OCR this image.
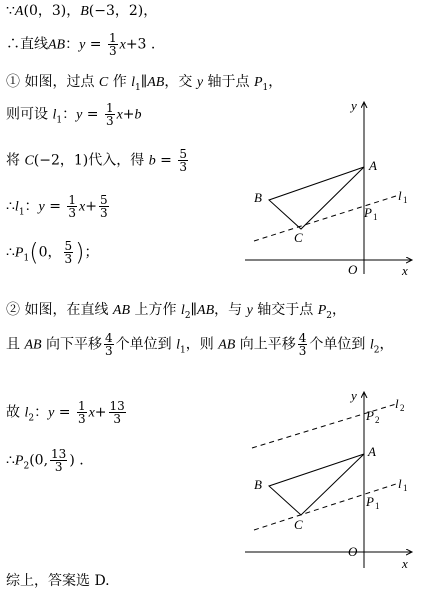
∵A(0，3)，B(−3，2)，
∴直线AB：$y = \frac{1}{3} x+3$ .
① 如图，过点 C 作 $l_1\parallel AB$，交 y 轴于点 $P_1$，
则可设 $l_1$：$y = \frac{1}{3} x+b$
将 C(−2，1)代入，得 $b = \frac{5}{3}$
$\therefore l_1$：$y = \frac{1}{3} x+ \frac{5}{3}$
$\therefore P_1(0$， $\frac{5}{3}$ )；
② 如图，在直线 AB 上方作 $l_2\parallel AB$，与 y 轴交于点 $P_2$，
且 AB 向下平移 $\frac{4}{3}$ 个单位到 $l_1$，则 AB 向上平移 $\frac{4}{3}$ 个单位到 $l_2$，
故 $l_2$：$y = \frac{1}{3} x+ \frac{13}{3}$
$\therefore P_2(0$, $\frac{13}{3}$ ) .
综上，答案选 D.
A
B
C
P 1
l 1
O	x
y
P 2
l 2
A
B
C
P 1
l 1
O
x
y
